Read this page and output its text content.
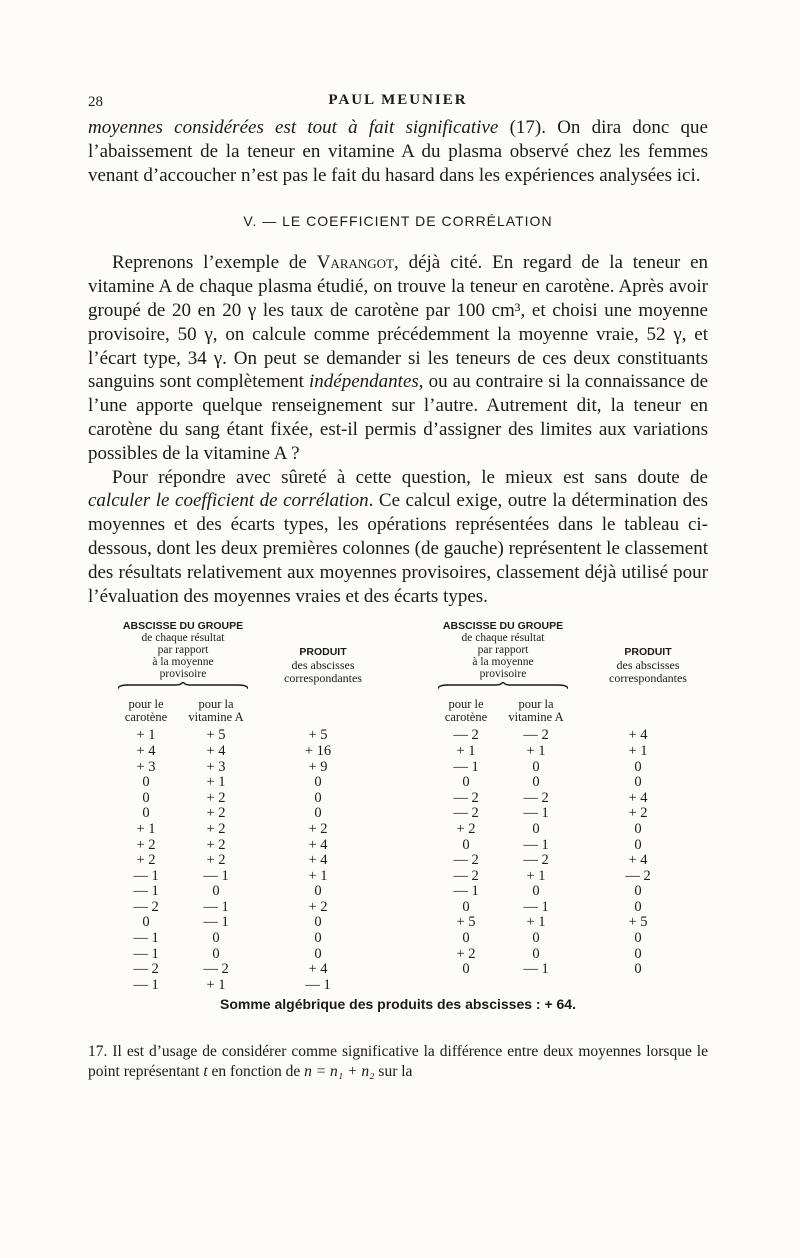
28	PAUL MEUNIER

moyennes considérées est tout à fait significative (17). On dira donc que l’abaissement de la teneur en vitamine A du plasma observé chez les femmes venant d’accoucher n’est pas le fait du hasard dans les expériences analysées ici.

V. — LE COEFFICIENT DE CORRÉLATION

Reprenons l’exemple de Varangot, déjà cité. En regard de la teneur en vitamine A de chaque plasma étudié, on trouve la teneur en carotène. Après avoir groupé de 20 en 20 γ les taux de carotène par 100 cm³, et choisi une moyenne provisoire, 50 γ, on calcule comme précédemment la moyenne vraie, 52 γ, et l’écart type, 34 γ. On peut se demander si les teneurs de ces deux constituants sanguins sont complètement indépendantes, ou au contraire si la connaissance de l’une apporte quelque renseignement sur l’autre. Autrement dit, la teneur en carotène du sang étant fixée, est-il permis d’assigner des limites aux variations possibles de la vitamine A ?

Pour répondre avec sûreté à cette question, le mieux est sans doute de calculer le coefficient de corrélation. Ce calcul exige, outre la détermination des moyennes et des écarts types, les opérations représentées dans le tableau ci-dessous, dont les deux premières colonnes (de gauche) représentent le classement des résultats relativement aux moyennes provisoires, classement déjà utilisé pour l’évaluation des moyennes vraies et des écarts types.

ABSCISSE DU GROUPE
de chaque résultat
par rapport
à la moyenne
provisoire
PRODUIT
des abscisses
correspondantes
pour le
carotène
pour la
vitamine A
ABSCISSE DU GROUPE
de chaque résultat
par rapport
à la moyenne
provisoire
PRODUIT
des abscisses
correspondantes
pour le
carotène
pour la
vitamine A
+ 1
+ 4
+ 3
0
0
0
+ 1
+ 2
+ 2
— 1
— 1
— 2
0
— 1
— 1
— 2
— 1
+ 5
+ 4
+ 3
+ 1
+ 2
+ 2
+ 2
+ 2
+ 2
— 1
0
— 1
— 1
0
0
— 2
+ 1
+ 5
+ 16
+ 9
0
0
0
+ 2
+ 4
+ 4
+ 1
0
+ 2
0
0
0
+ 4
— 1
— 2
+ 1
— 1
0
— 2
— 2
+ 2
0
— 2
— 2
— 1
0
+ 5
0
+ 2
0
— 2
+ 1
0
0
— 2
— 1
0
— 1
— 2
+ 1
0
— 1
+ 1
0
0
— 1
+ 4
+ 1
0
0
+ 4
+ 2
0
0
+ 4
— 2
0
0
+ 5
0
0
0
Somme algébrique des produits des abscisses : + 64.

17. Il est d’usage de considérer comme significative la différence entre deux moyennes lorsque le point représentant t en fonction de n = n₁ + n₂ sur la
